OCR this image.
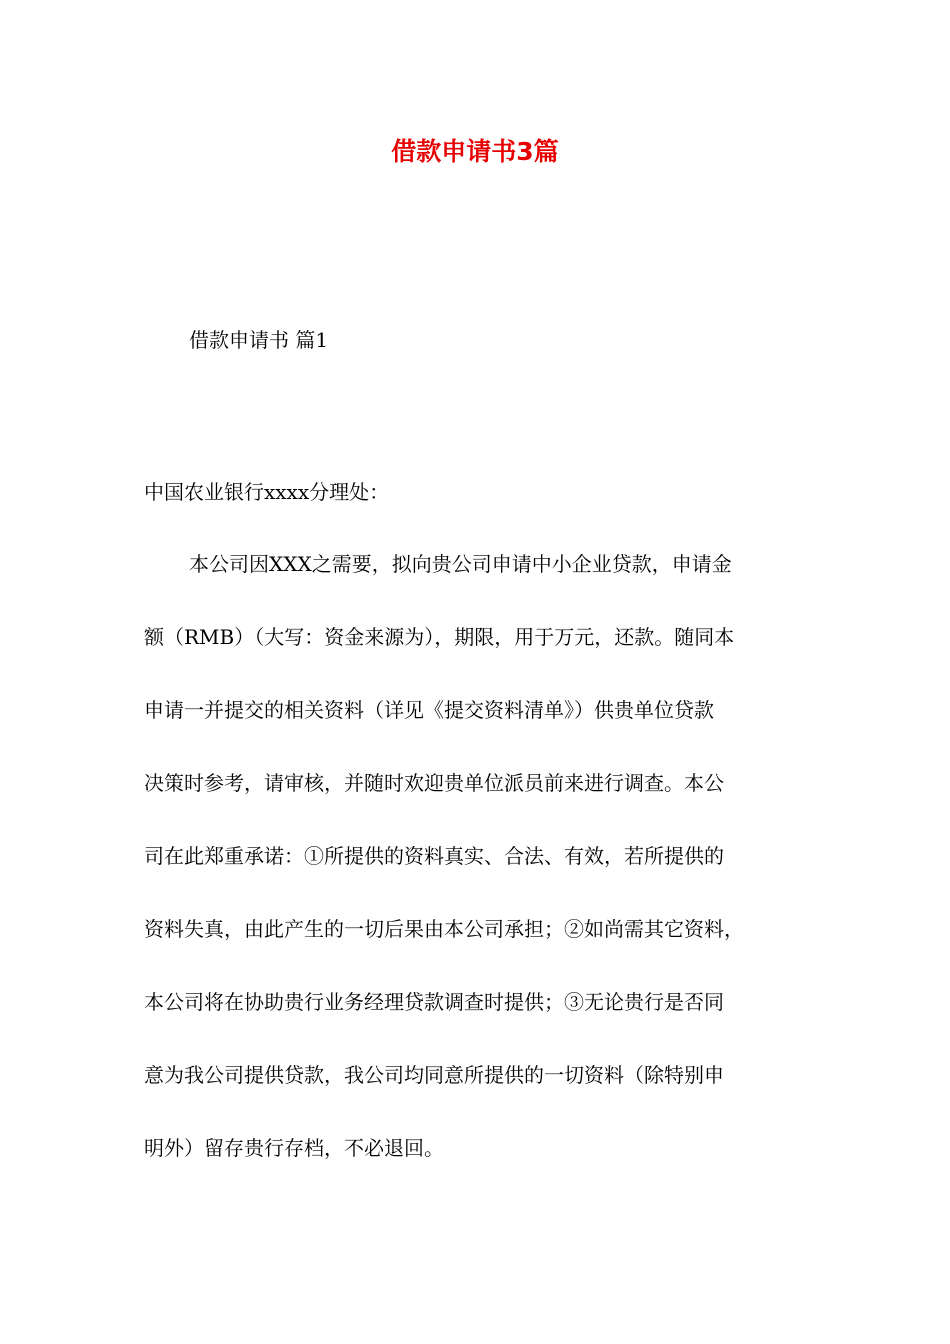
借款申请书3篇

借款申请书 篇1

中国农业银行xxxx分理处：

本公司因XXX之需要，拟向贵公司申请中小企业贷款，申请金
额（RMB）（大写：资金来源为），期限，用于万元，还款。随同本
申请一并提交的相关资料（详见《提交资料清单》）供贵单位贷款
决策时参考，请审核，并随时欢迎贵单位派员前来进行调查。本公
司在此郑重承诺：①所提供的资料真实、合法、有效，若所提供的
资料失真，由此产生的一切后果由本公司承担；②如尚需其它资料，
本公司将在协助贵行业务经理贷款调查时提供；③无论贵行是否同
意为我公司提供贷款，我公司均同意所提供的一切资料（除特别申
明外）留存贵行存档，不必退回。
